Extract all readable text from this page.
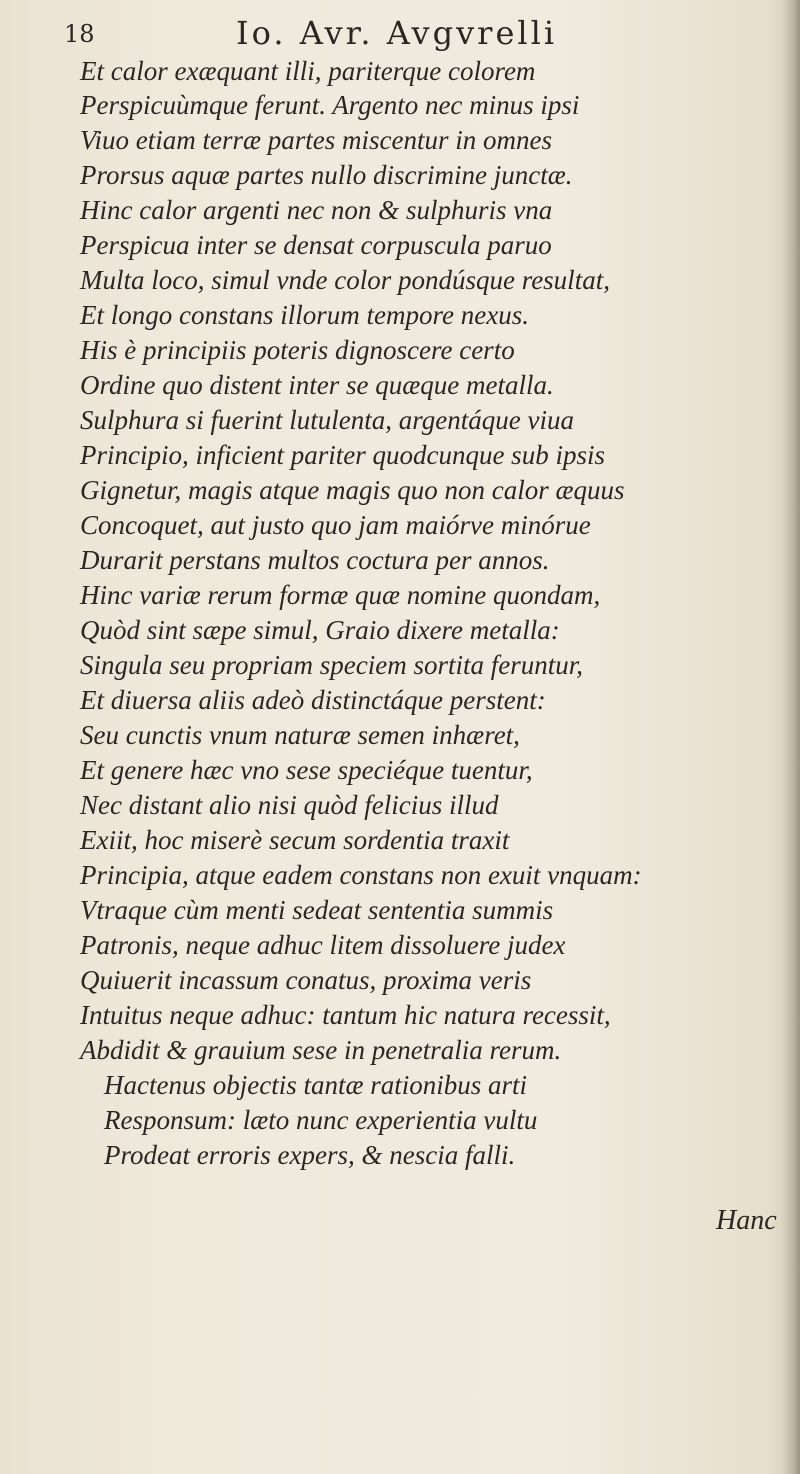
18	Io. Avr. Avgvrelli
Et calor exæquant illi, pariterque colorem
Perspicuùmque ferunt. Argento nec minus ipsi
Viuo etiam terræ partes miscentur in omnes
Prorsus aquæ partes nullo discrimine junctæ.
Hinc calor argenti nec non & sulphuris vna
Perspicua inter se densat corpuscula paruo
Multa loco, simul vnde color pondúsque resultat,
Et longo constans illorum tempore nexus.
His è principiis poteris dignoscere certo
Ordine quo distent inter se quæque metalla.
Sulphura si fuerint lutulenta, argentáque viua
Principio, inficient pariter quodcunque sub ipsis
Gignetur, magis atque magis quo non calor æquus
Concoquet, aut justo quo jam maiórve minórue
Durarit perstans multos coctura per annos.
Hinc variæ rerum formæ quæ nomine quondam,
Quòd sint sæpe simul, Graio dixere metalla:
Singula seu propriam speciem sortita feruntur,
Et diuersa aliis adeò distinctáque perstent:
Seu cunctis vnum naturæ semen inhæret,
Et genere hæc vno sese speciéque tuentur,
Nec distant alio nisi quòd felicius illud
Exiit, hoc miserè secum sordentia traxit
Principia, atque eadem constans non exuit vnquam:
Vtraque cùm menti sedeat sententia summis
Patronis, neque adhuc litem dissoluere judex
Quiuerit incassum conatus, proxima veris
Intuitus neque adhuc: tantum hic natura recessit,
Abdidit & grauium sese in penetralia rerum.
Hactenus objectis tantæ rationibus arti
Responsum: læto nunc experientia vultu
Prodeat erroris expers, & nescia falli.
Hanc
